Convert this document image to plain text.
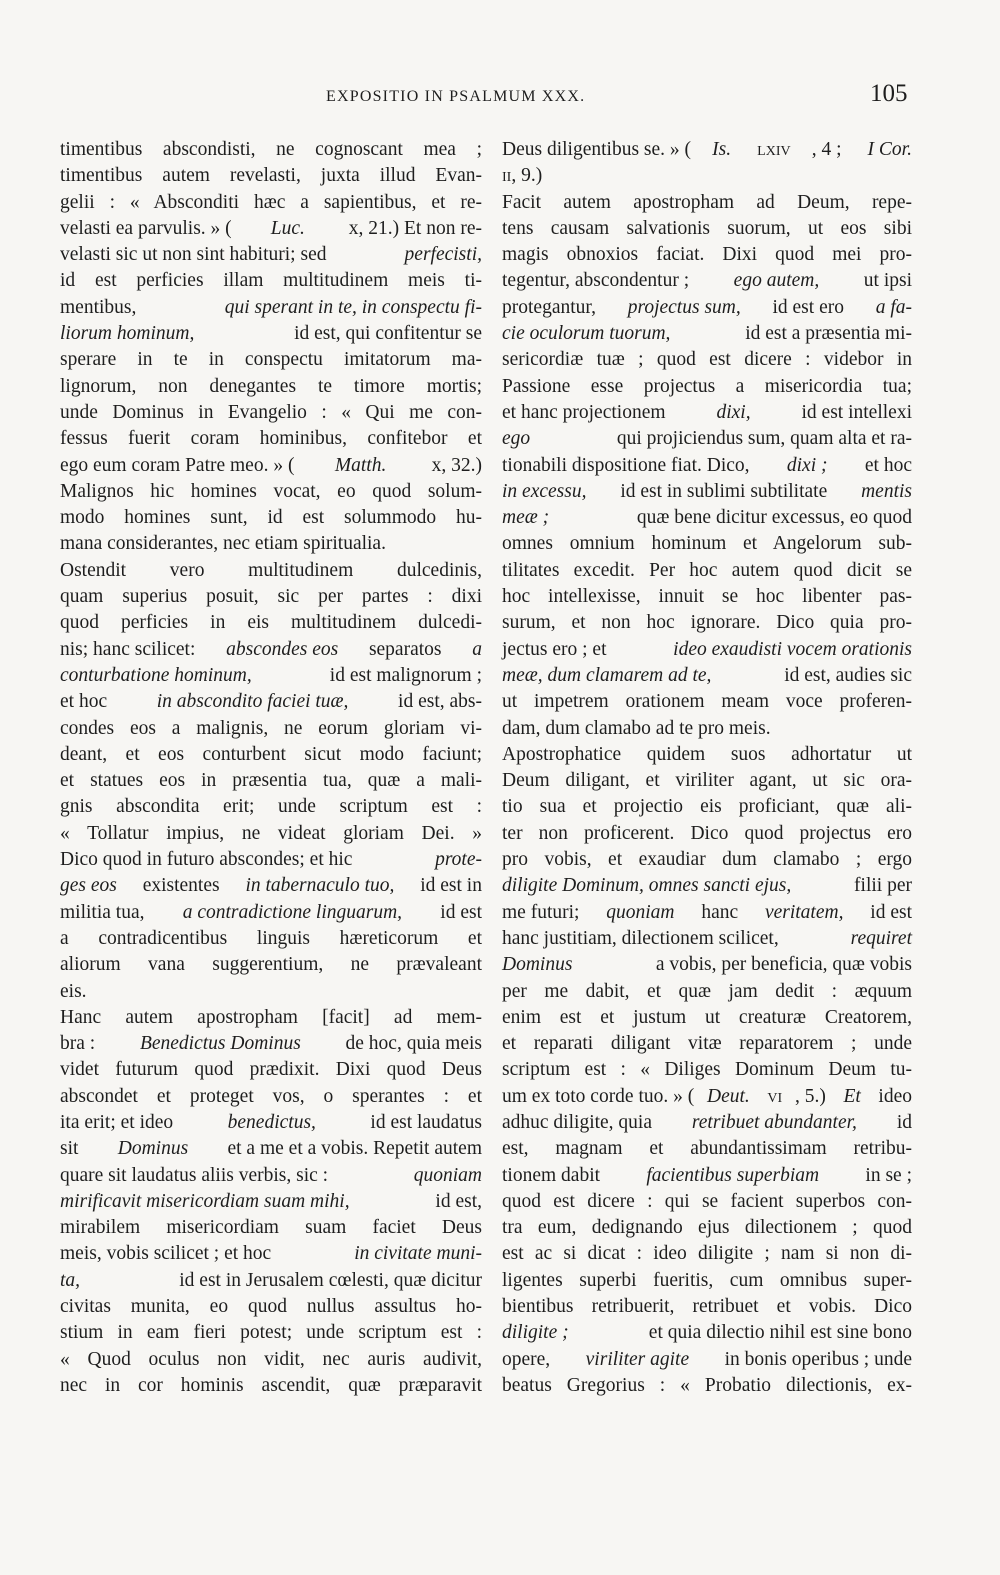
EXPOSITIO IN PSALMUM XXX.	105
timentibus abscondisti, ne cognoscant mea ;
timentibus autem revelasti, juxta illud Evan-
gelii : « Absconditi hæc a sapientibus, et re-
velasti ea parvulis. » ( Luc. x, 21.) Et non re-
velasti sic ut non sint habituri; sed	perfecisti,
id est perficies illam multitudinem meis ti-
mentibus,	qui sperant in te, in conspectu fi-
liorum hominum,	id est, qui confitentur se
sperare in te in conspectu imitatorum ma-
lignorum, non denegantes te timore mortis;
unde Dominus in Evangelio : « Qui me con-
fessus fuerit coram hominibus, confitebor et
ego eum coram Patre meo. » ( Matth. x, 32.)
Malignos hic homines vocat, eo quod solum-
modo homines sunt, id est solummodo hu-
mana considerantes, nec etiam spiritualia.
Ostendit vero multitudinem dulcedinis,
quam superius posuit, sic per partes : dixi
quod perficies in eis multitudinem dulcedi-
nis; hanc scilicet: abscondes eos separatos a
conturbatione hominum,	id est malignorum ;
et hoc in abscondito faciei tuæ, id est, abs-
condes eos a malignis, ne eorum gloriam vi-
deant, et eos conturbent sicut modo faciunt;
et statues eos in præsentia tua, quæ a mali-
gnis abscondita erit; unde scriptum est :
« Tollatur impius, ne videat gloriam Dei. »
Dico quod in futuro abscondes; et hic	prote-
ges eos existentes in tabernaculo tuo, id est in
militia tua, a contradictione linguarum, id est
a contradicentibus linguis hæreticorum et
aliorum vana suggerentium, ne prævaleant
eis.
Hanc autem apostropham [facit] ad mem-
bra : Benedictus Dominus de hoc, quia meis
videt futurum quod prædixit. Dixi quod Deus
abscondet et proteget vos, o sperantes : et
ita erit; et ideo	benedictus,	id est laudatus
sit Dominus et a me et a vobis. Repetit autem
quare sit laudatus aliis verbis, sic :	quoniam
mirificavit misericordiam suam mihi,	id est,
mirabilem misericordiam suam faciet Deus
meis, vobis scilicet ; et hoc	in civitate muni-
ta,	id est in Jerusalem cœlesti, quæ dicitur
civitas munita, eo quod nullus assultus ho-
stium in eam fieri potest; unde scriptum est :
« Quod oculus non vidit, nec auris audivit,
nec in cor hominis ascendit, quæ præparavit
Deus diligentibus se. » ( Is. lxiv , 4 ; I Cor.
ii , 9.)
Facit autem apostropham ad Deum, repe-
tens causam salvationis suorum, ut eos sibi
magis obnoxios faciat. Dixi quod mei pro-
tegentur, abscondentur ; ego autem, ut ipsi
protegantur, projectus sum, id est ero a fa-
cie oculorum tuorum,	id est a præsentia mi-
sericordiæ tuæ ; quod est dicere : videbor in
Passione esse projectus a misericordia tua;
et hanc projectionem dixi, id est intellexi
ego	qui projiciendus sum, quam alta et ra-
tionabili dispositione fiat. Dico, dixi ; et hoc
in excessu, id est in sublimi subtilitate mentis
meæ ;	quæ bene dicitur excessus, eo quod
omnes omnium hominum et Angelorum sub-
tilitates excedit. Per hoc autem quod dicit se
hoc intellexisse, innuit se hoc libenter pas-
surum, et non hoc ignorare. Dico quia pro-
jectus ero ; et	ideo exaudisti vocem orationis
meæ, dum clamarem ad te,	id est, audies sic
ut impetrem orationem meam voce proferen-
dam, dum clamabo ad te pro meis.
Apostrophatice quidem suos adhortatur ut
Deum diligant, et viriliter agant, ut sic ora-
tio sua et projectio eis proficiant, quæ ali-
ter non proficerent. Dico quod projectus ero
pro vobis, et exaudiar dum clamabo ; ergo
diligite Dominum, omnes sancti ejus,	filii per
me futuri; quoniam hanc veritatem, id est
hanc justitiam, dilectionem scilicet,	requiret
Dominus	a vobis, per beneficia, quæ vobis
per me dabit, et quæ jam dedit : æquum
enim est et justum ut creaturæ Creatorem,
et reparati diligant vitæ reparatorem ; unde
scriptum est : « Diliges Dominum Deum tu-
um ex toto corde tuo. » ( Deut. vi , 5.) Et ideo
adhuc diligite, quia retribuet abundanter, id
est, magnam et abundantissimam retribu-
tionem dabit facientibus superbiam in se ;
quod est dicere : qui se facient superbos con-
tra eum, dedignando ejus dilectionem ; quod
est ac si dicat : ideo diligite ; nam si non di-
ligentes superbi fueritis, cum omnibus super-
bientibus retribuerit, retribuet et vobis. Dico
diligite ;	et quia dilectio nihil est sine bono
opere, viriliter agite in bonis operibus ; unde
beatus Gregorius : « Probatio dilectionis, ex-
